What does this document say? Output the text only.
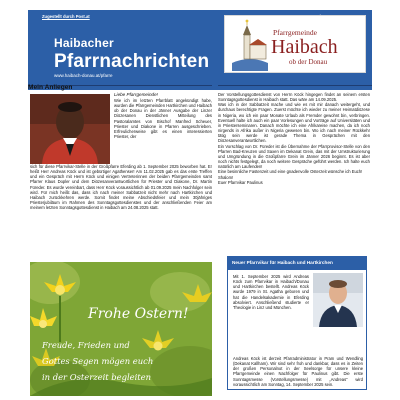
Zugestellt durch Post.at
Haibacher
Pfarrnachrichten
www.haibach-donau.at/pfarre
Pfarrgemeinde
Haibach
ob der Donau
Mein Anliegen
Liebe Pfarrgemeinde!
Wie ich im letzten Pfarrblatt angekündigt habe, wurden die Pfarrgemeinden Hartkirchen und Haibach ob der Donau in der Jänner Ausgabe der Linzer Diözesanen Dienstlichen Mitteilung des Pastoralamtes von Bischof Manfred Scheuer, Priester und Diakone in Pfarren ausgeschrieben. Erfreulicherweise gibt es einen interessierten Priester, der
sich für diese Pfarrvikar-Stelle in der Großpfarre Eferding ab 1. September 2025 beworben hat. Er heißt Herr Andreas Köck und ist gebürtiger Agathenser! Am 11.02.2025 gab es das erste Treffen und ein Gespräch mit Herrn Köck und einigen Vertreterinnen der beiden Pfarrgemeinden samt Pfarrer Klaus Dopler und dem Diözesanverantwortlichen für Priester und Diakone, Dr. Martin Füreder. Es wurde vereinbart, dass Herr Köck voraussichtlich ab 01.09.2025 mein Nachfolger sein wird. Für mich heißt das, dass ich nach meiner Sabbatzeit nicht mehr nach Hartkirchen und Haibach zurückkehren werde. Somit findet meine Abschiedsfeier und mein 30jähriges Priesterjubiläum im Rahmen des Sonntagsgottesdienstes und der anschließenden Feier am meinem letzten Sonntagsgottesdienst in Haibach am 24.08.2025 statt.

Der Vorstellungsgottesdienst von Herrn Köck hingegen findet an seinem ersten Sonntagsgottesdienst in Haibach statt. Das wäre am 14.09.2025.

Was ich in der Sabbatzeit mache und wie es mit mir danach weitergeht, und durchaus berechtigte Fragen. Zuerst möchte ich wieder zu meiner Heimatdiözese in Nigeria, wo ich ein paar Monate Urlaub als Fremder gewohnt bin, verbringen. Eventuell halte ich auch ein paar Vorlesungen und Vorträge auf Universitäten und in Priesterseminaren. Danach möchte ich eine Afrikareise machen, da ich noch nirgends in Afrika außer in Nigeria gewesen bin. Wo ich nach meiner Rückkehr tätig sein werde ist gerade Thema in Gesprächen mit den Diözesanverantwortlichen.

Ein Vorschlag von Dr. Füreder ist die Übernahme der Pfarrprovisor-Stelle von den Pfarren Bad-Kreuzen und Saxen im Dekanat Grein, das mit der Umstrukturierung und Umgründung in die Großpfarre Grein im Jänner 2026 beginnt. Es ist aber noch nichts festgelegt, da noch weitere Gespräche geführt werden. Ich halte euch natürlich am Laufenden!

Eine besinnliche Fastenzeit und eine gnadenvolle Osterzeit wünsche ich Euch!

Shalom!

Euer Pfarrvikar Paulinus

Frohe Ostern!
Freude, Frieden und
Gottes Segen mögen euch
in der Osterzeit begleiten
Neuer Pfarrvikar für Haibach und Hartkirchen
Mit 1. September 2025 wird Andreas Köck zum Pfarrvikar in Haibach/Donau und Hartkirchen bestellt. Andreas Köck wurde 1979 in St. Agatha geboren und hat die Handelsakademie in Eferding absolviert. Anschließend studierte er Theologie in Linz und München.
Andreas Köck ist derzeit Pfarradministrator in Pram und Wendling (Dekanat Kallham). Wir sind sehr froh und dankbar, dass es in Zeiten der großen Personalnot in der Seelsorge für unsere kleine Pfarrgemeinde einen Nachfolger für Paulinus gibt. Die erste Sonntagsmesse (Vorstellungsmesse) mit „Andreas“ wird voraussichtlich am Sonntag, 14. September 2025 sein.
